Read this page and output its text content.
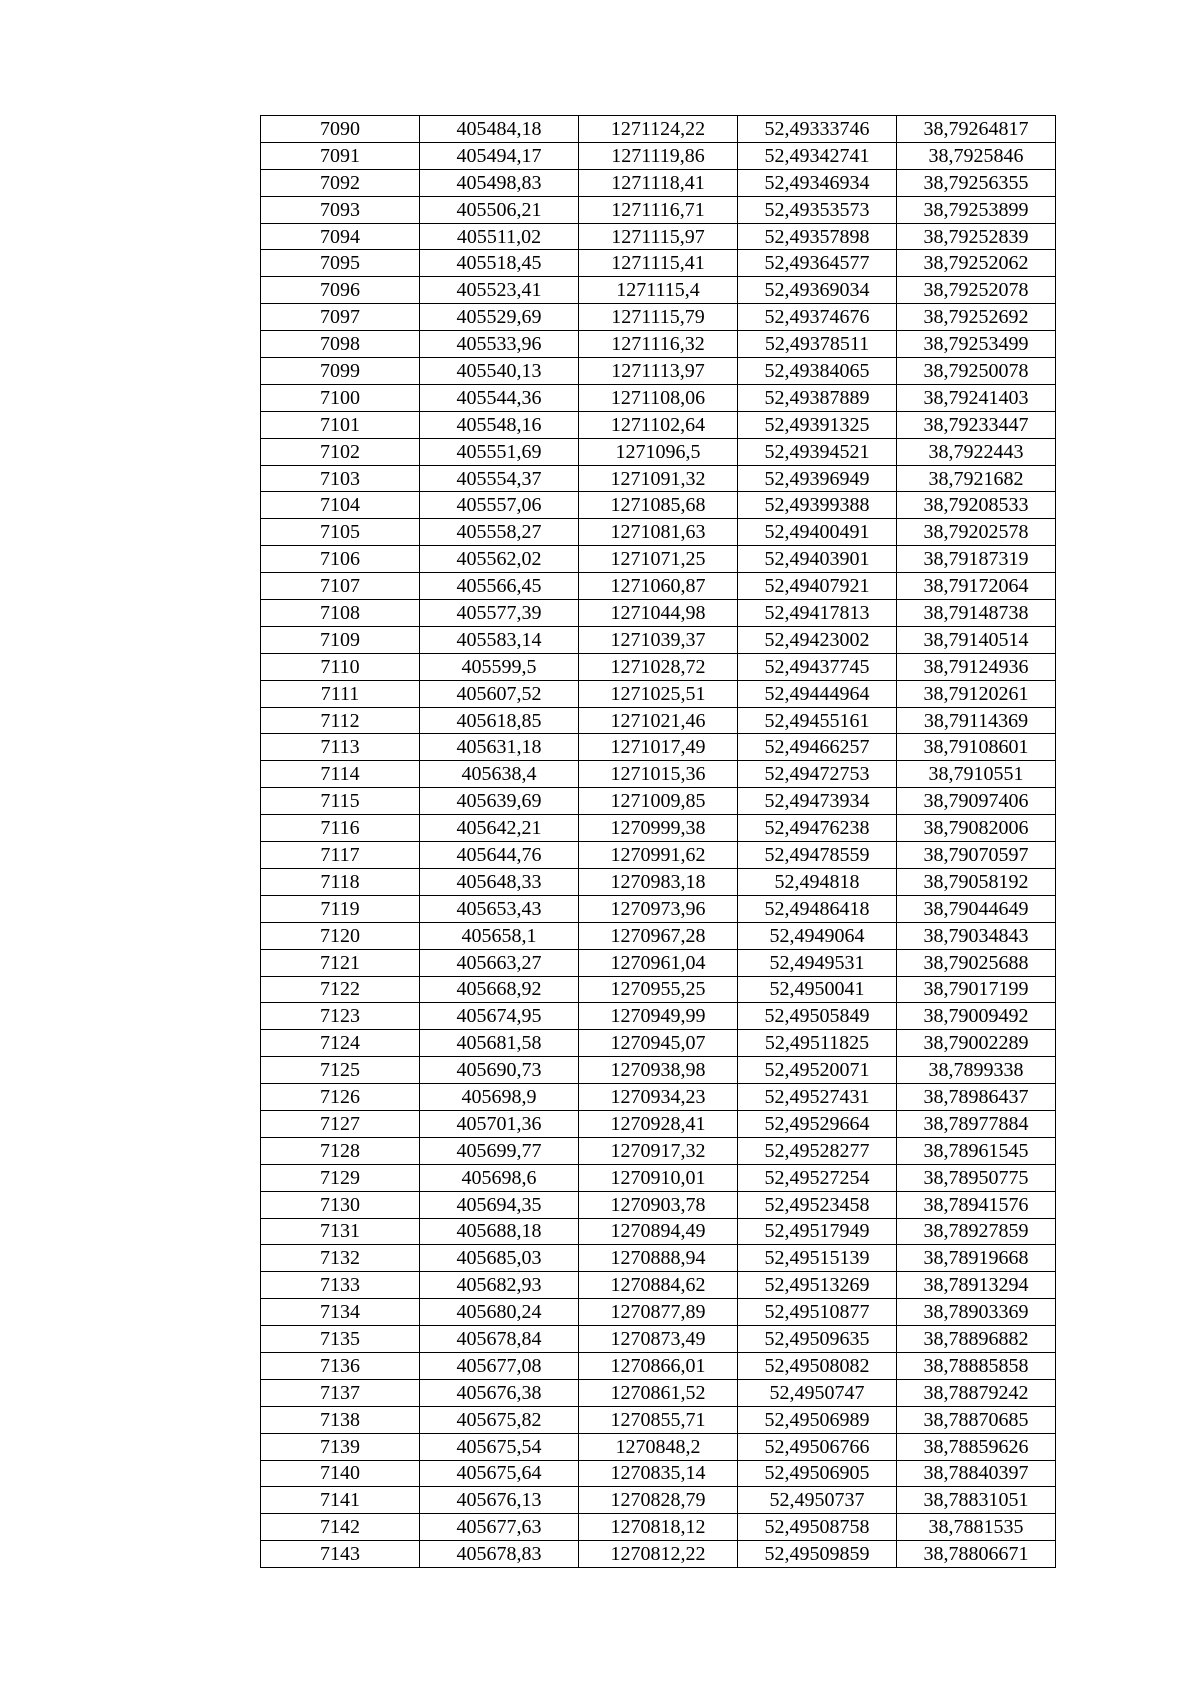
7090	405484,18	1271124,22	52,49333746	38,79264817
7091	405494,17	1271119,86	52,49342741	38,7925846
7092	405498,83	1271118,41	52,49346934	38,79256355
7093	405506,21	1271116,71	52,49353573	38,79253899
7094	405511,02	1271115,97	52,49357898	38,79252839
7095	405518,45	1271115,41	52,49364577	38,79252062
7096	405523,41	1271115,4	52,49369034	38,79252078
7097	405529,69	1271115,79	52,49374676	38,79252692
7098	405533,96	1271116,32	52,49378511	38,79253499
7099	405540,13	1271113,97	52,49384065	38,79250078
7100	405544,36	1271108,06	52,49387889	38,79241403
7101	405548,16	1271102,64	52,49391325	38,79233447
7102	405551,69	1271096,5	52,49394521	38,7922443
7103	405554,37	1271091,32	52,49396949	38,7921682
7104	405557,06	1271085,68	52,49399388	38,79208533
7105	405558,27	1271081,63	52,49400491	38,79202578
7106	405562,02	1271071,25	52,49403901	38,79187319
7107	405566,45	1271060,87	52,49407921	38,79172064
7108	405577,39	1271044,98	52,49417813	38,79148738
7109	405583,14	1271039,37	52,49423002	38,79140514
7110	405599,5	1271028,72	52,49437745	38,79124936
7111	405607,52	1271025,51	52,49444964	38,79120261
7112	405618,85	1271021,46	52,49455161	38,79114369
7113	405631,18	1271017,49	52,49466257	38,79108601
7114	405638,4	1271015,36	52,49472753	38,7910551
7115	405639,69	1271009,85	52,49473934	38,79097406
7116	405642,21	1270999,38	52,49476238	38,79082006
7117	405644,76	1270991,62	52,49478559	38,79070597
7118	405648,33	1270983,18	52,494818	38,79058192
7119	405653,43	1270973,96	52,49486418	38,79044649
7120	405658,1	1270967,28	52,4949064	38,79034843
7121	405663,27	1270961,04	52,4949531	38,79025688
7122	405668,92	1270955,25	52,4950041	38,79017199
7123	405674,95	1270949,99	52,49505849	38,79009492
7124	405681,58	1270945,07	52,49511825	38,79002289
7125	405690,73	1270938,98	52,49520071	38,7899338
7126	405698,9	1270934,23	52,49527431	38,78986437
7127	405701,36	1270928,41	52,49529664	38,78977884
7128	405699,77	1270917,32	52,49528277	38,78961545
7129	405698,6	1270910,01	52,49527254	38,78950775
7130	405694,35	1270903,78	52,49523458	38,78941576
7131	405688,18	1270894,49	52,49517949	38,78927859
7132	405685,03	1270888,94	52,49515139	38,78919668
7133	405682,93	1270884,62	52,49513269	38,78913294
7134	405680,24	1270877,89	52,49510877	38,78903369
7135	405678,84	1270873,49	52,49509635	38,78896882
7136	405677,08	1270866,01	52,49508082	38,78885858
7137	405676,38	1270861,52	52,4950747	38,78879242
7138	405675,82	1270855,71	52,49506989	38,78870685
7139	405675,54	1270848,2	52,49506766	38,78859626
7140	405675,64	1270835,14	52,49506905	38,78840397
7141	405676,13	1270828,79	52,4950737	38,78831051
7142	405677,63	1270818,12	52,49508758	38,7881535
7143	405678,83	1270812,22	52,49509859	38,78806671
